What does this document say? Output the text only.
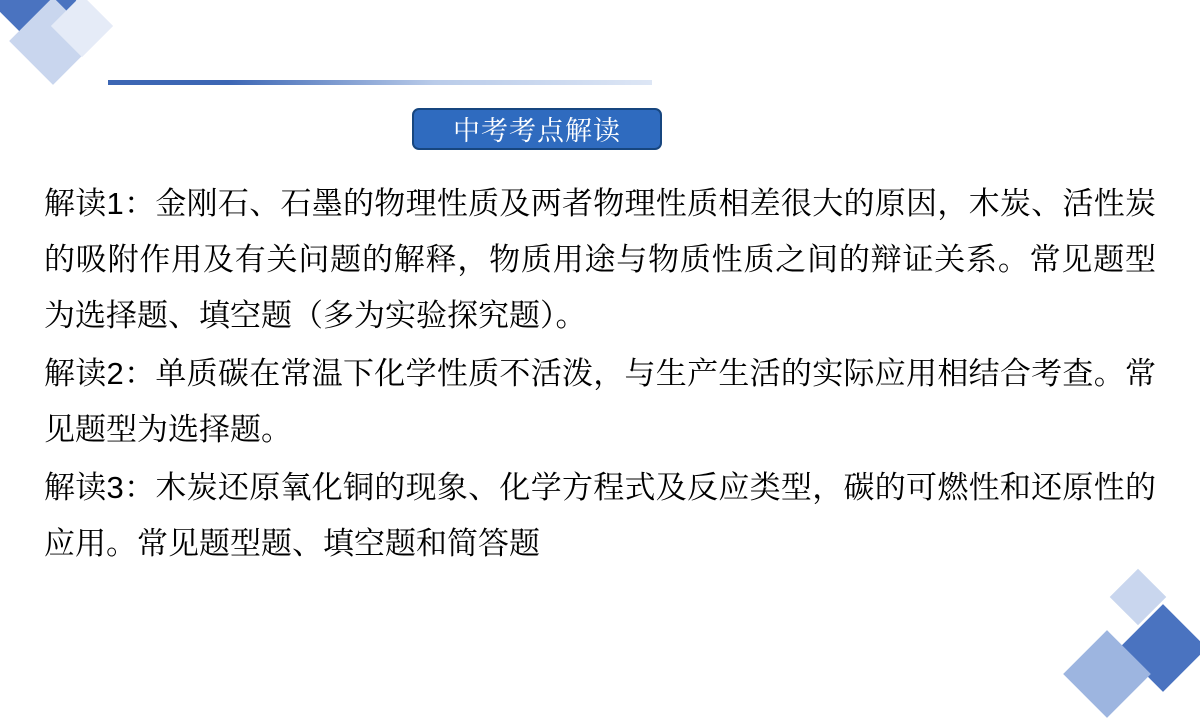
中考考点解读

解读1：金刚石、石墨的物理性质及两者物理性质相差很大的原因，木炭、活性炭的吸附作用及有关问题的解释，物质用途与物质性质之间的辩证关系。常见题型为选择题、填空题（多为实验探究题）。

解读2：单质碳在常温下化学性质不活泼，与生产生活的实际应用相结合考查。常见题型为选择题。

解读3：木炭还原氧化铜的现象、化学方程式及反应类型，碳的可燃性和还原性的应用。常见题型题、填空题和简答题
